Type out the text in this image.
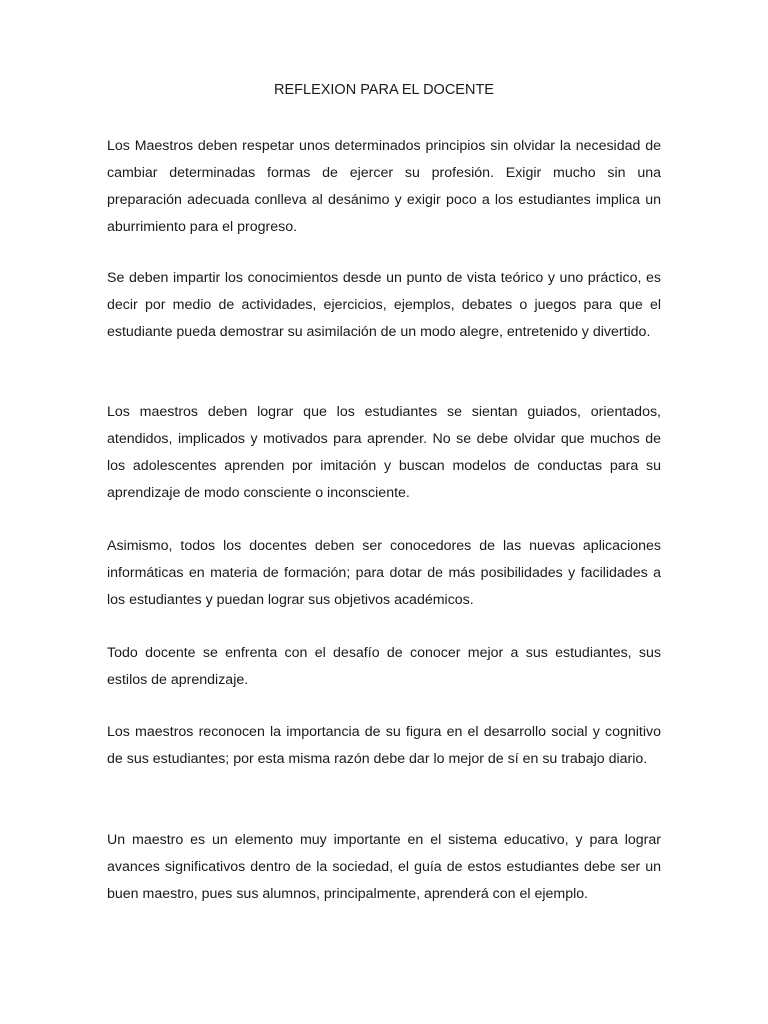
REFLEXION PARA EL DOCENTE

Los Maestros deben respetar unos determinados principios sin olvidar la necesidad de cambiar determinadas formas de ejercer su profesión. Exigir mucho sin una preparación adecuada conlleva al desánimo y exigir poco a los estudiantes implica un aburrimiento para el progreso.

Se deben impartir los conocimientos desde un punto de vista teórico y uno práctico, es decir por medio de actividades, ejercicios, ejemplos, debates o juegos para que el estudiante pueda demostrar su asimilación de un modo alegre, entretenido y divertido.

Los maestros deben lograr que los estudiantes se sientan guiados, orientados, atendidos, implicados y motivados para aprender. No se debe olvidar que muchos de los adolescentes aprenden por imitación y buscan modelos de conductas para su aprendizaje de modo consciente o inconsciente.

Asimismo, todos los docentes deben ser conocedores de las nuevas aplicaciones informáticas en materia de formación; para dotar de más posibilidades y facilidades a los estudiantes y puedan lograr sus objetivos académicos.

Todo docente se enfrenta con el desafío de conocer mejor a sus estudiantes, sus estilos de aprendizaje.

Los maestros reconocen la importancia de su figura en el desarrollo social y cognitivo de sus estudiantes; por esta misma razón debe dar lo mejor de sí en su trabajo diario.

Un maestro es un elemento muy importante en el sistema educativo, y para lograr avances significativos dentro de la sociedad, el guía de estos estudiantes debe ser un buen maestro, pues sus alumnos, principalmente, aprenderá con el ejemplo.
